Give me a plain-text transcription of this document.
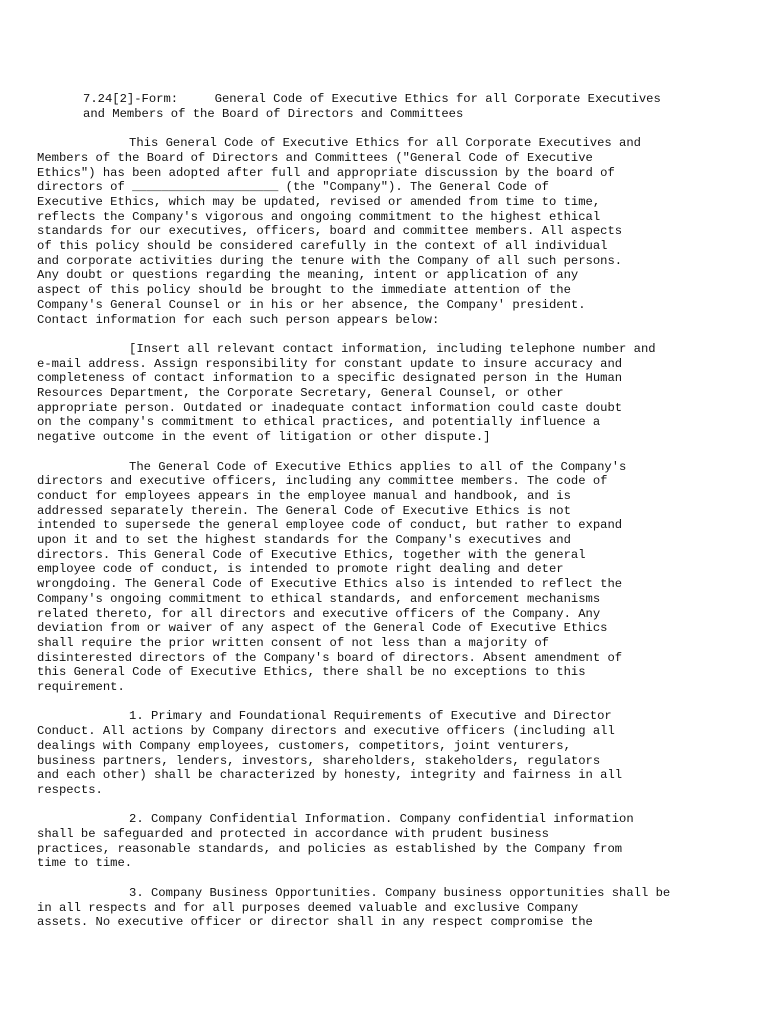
7.24[2]-Form:     General Code of Executive Ethics for all Corporate Executives
and Members of the Board of Directors and Committees
This General Code of Executive Ethics for all Corporate Executives and
Members of the Board of Directors and Committees ("General Code of Executive
Ethics") has been adopted after full and appropriate discussion by the board of
directors of ____________________ (the "Company"). The General Code of
Executive Ethics, which may be updated, revised or amended from time to time,
reflects the Company's vigorous and ongoing commitment to the highest ethical
standards for our executives, officers, board and committee members. All aspects
of this policy should be considered carefully in the context of all individual
and corporate activities during the tenure with the Company of all such persons.
Any doubt or questions regarding the meaning, intent or application of any
aspect of this policy should be brought to the immediate attention of the
Company's General Counsel or in his or her absence, the Company' president.
Contact information for each such person appears below:
[Insert all relevant contact information, including telephone number and
e-mail address. Assign responsibility for constant update to insure accuracy and
completeness of contact information to a specific designated person in the Human
Resources Department, the Corporate Secretary, General Counsel, or other
appropriate person. Outdated or inadequate contact information could caste doubt
on the company's commitment to ethical practices, and potentially influence a
negative outcome in the event of litigation or other dispute.]
The General Code of Executive Ethics applies to all of the Company's
directors and executive officers, including any committee members. The code of
conduct for employees appears in the employee manual and handbook, and is
addressed separately therein. The General Code of Executive Ethics is not
intended to supersede the general employee code of conduct, but rather to expand
upon it and to set the highest standards for the Company's executives and
directors. This General Code of Executive Ethics, together with the general
employee code of conduct, is intended to promote right dealing and deter
wrongdoing. The General Code of Executive Ethics also is intended to reflect the
Company's ongoing commitment to ethical standards, and enforcement mechanisms
related thereto, for all directors and executive officers of the Company. Any
deviation from or waiver of any aspect of the General Code of Executive Ethics
shall require the prior written consent of not less than a majority of
disinterested directors of the Company's board of directors. Absent amendment of
this General Code of Executive Ethics, there shall be no exceptions to this
requirement.
1. Primary and Foundational Requirements of Executive and Director
Conduct. All actions by Company directors and executive officers (including all
dealings with Company employees, customers, competitors, joint venturers,
business partners, lenders, investors, shareholders, stakeholders, regulators
and each other) shall be characterized by honesty, integrity and fairness in all
respects.
2. Company Confidential Information. Company confidential information
shall be safeguarded and protected in accordance with prudent business
practices, reasonable standards, and policies as established by the Company from
time to time.
3. Company Business Opportunities. Company business opportunities shall be
in all respects and for all purposes deemed valuable and exclusive Company
assets. No executive officer or director shall in any respect compromise the
